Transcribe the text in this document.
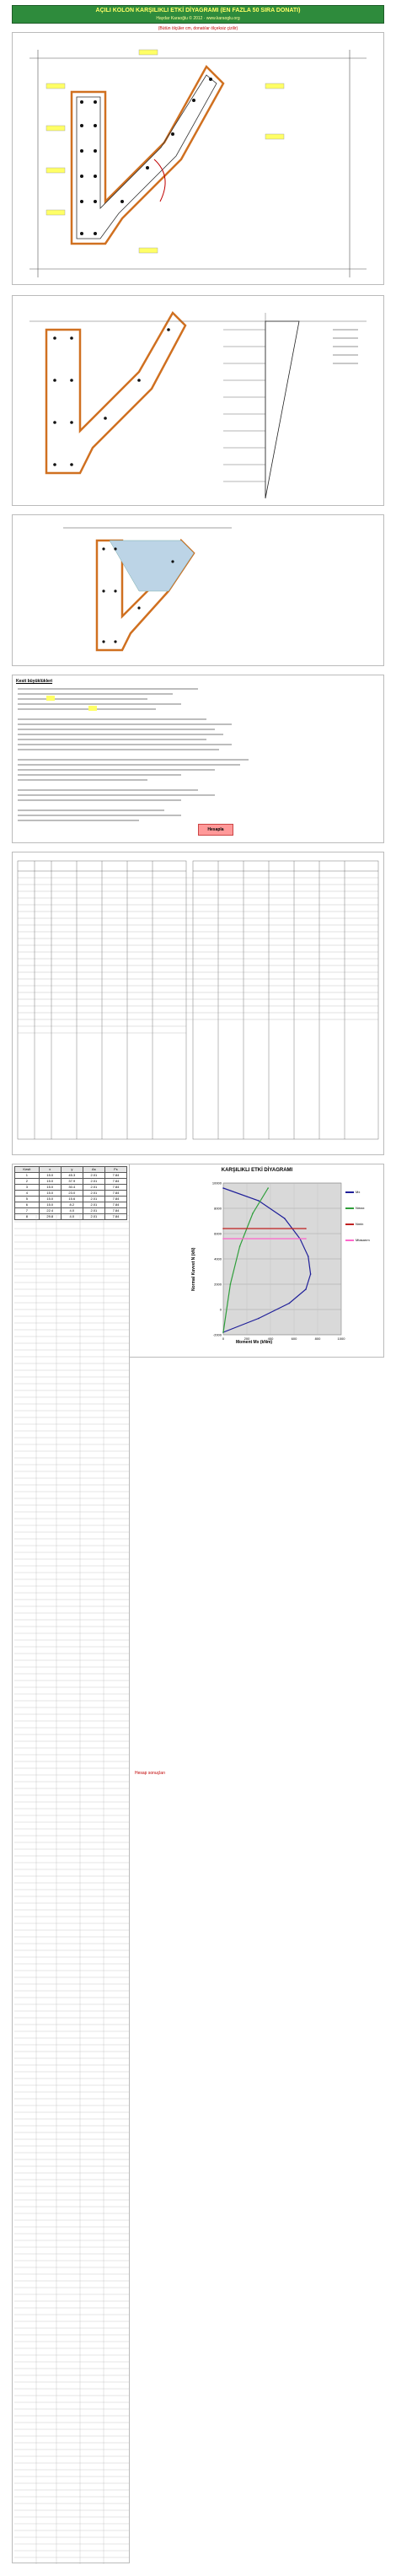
AÇILI KOLON KARŞILIKLI ETKİ DİYAGRAMI (EN FAZLA 50 SIRA DONATI)
Haydar Karaoğlu © 2012 · www.karaoglu.org
(Bütün ölçüler cm, donatılar ölçeksiz çizilir)
Kesit büyüklükleri
Hesapla
KARŞILIKLI ETKİ DİYAGRAMI
10000
8000
6000
4000
2000
0
-2000
0	200	400	600	800	1000
Normal Kuvvet N (kN)
Moment Mx (kNm)
Mx
Nmax
Nmin
Mtasarım
Kesit	x	y	As	Fs
1	15.0	45.3	2.01	7.84
2	15.0	37.9	2.01	7.84
3	15.0	30.4	2.01	7.84
4	15.0	23.0	2.01	7.84
5	15.0	15.6	2.01	7.84
6	15.0	8.2	2.01	7.84
7	22.4	4.0	2.01	7.84
8	29.8	4.0	2.01	7.84
Hesap sonuçları
